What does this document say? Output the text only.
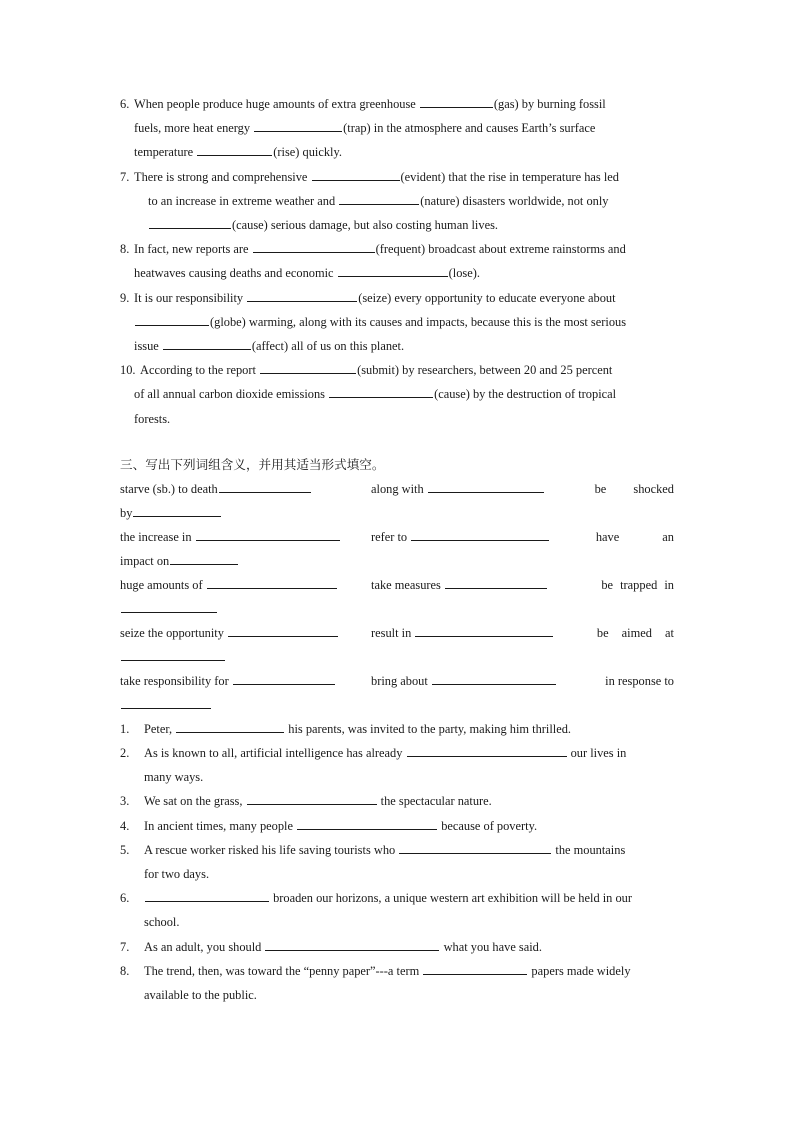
6. When people produce huge amounts of extra greenhouse	(gas) by burning fossil
fuels, more heat energy	(trap) in the atmosphere and causes Earth’s surface
temperature	(rise) quickly.
7. There is strong and comprehensive	(evident) that the rise in temperature has led
to an increase in extreme weather and	(nature) disasters worldwide, not only
(cause) serious damage, but also costing human lives.
8. In fact, new reports are	(frequent) broadcast about extreme rainstorms and
heatwaves causing deaths and economic	(lose).
9. It is our responsibility	(seize) every opportunity to educate everyone about
(globe) warming, along with its causes and impacts, because this is the most serious
issue	(affect) all of us on this planet.
10. According to the report	(submit) by researchers, between 20 and 25 percent
of all annual carbon dioxide emissions	(cause) by the destruction of tropical
forests.
三、写出下列词组含义，并用其适当形式填空。
starve (sb.) to death	along with	be shocked
by
the increase in	refer to	have an
impact on
huge amounts of	take measures	be trapped in
seize the opportunity	result in	be aimed at
take responsibility for	bring about	in response to
1. Peter,	his parents, was invited to the party, making him thrilled.
2. As is known to all, artificial intelligence has already	our lives in
many ways.
3. We sat on the grass,	the spectacular nature.
4. In ancient times, many people	because of poverty.
5. A rescue worker risked his life saving tourists who	the mountains
for two days.
6.	broaden our horizons, a unique western art exhibition will be held in our
school.
7. As an adult, you should	what you have said.
8. The trend, then, was toward the “penny paper”---a term	papers made widely
available to the public.
